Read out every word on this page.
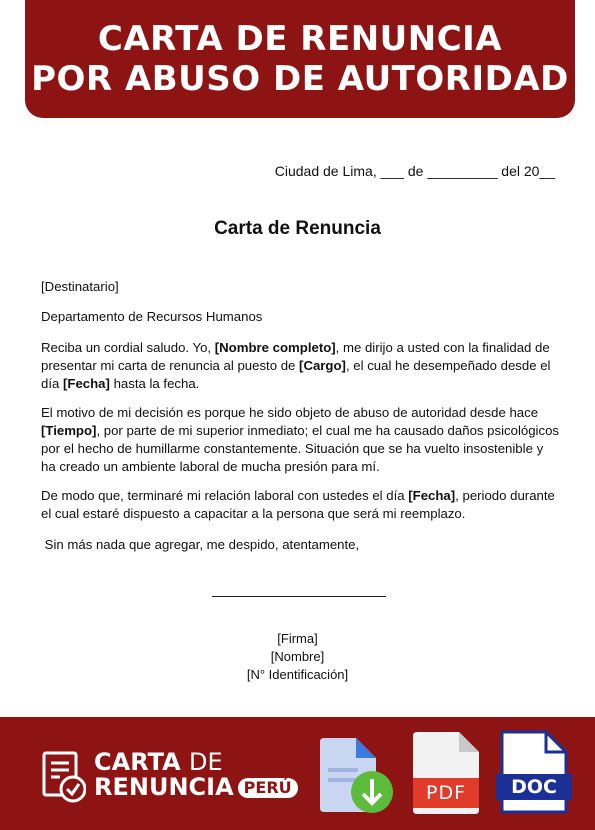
CARTA DE RENUNCIA
POR ABUSO DE AUTORIDAD
Ciudad de Lima, ___ de _________ del 20__
Carta de Renuncia
[Destinatario]
Departamento de Recursos Humanos
Reciba un cordial saludo. Yo, [Nombre completo], me dirijo a usted con la finalidad de presentar mi carta de renuncia al puesto de [Cargo], el cual he desempeñado desde el día [Fecha] hasta la fecha.
El motivo de mi decisión es porque he sido objeto de abuso de autoridad desde hace [Tiempo], por parte de mi superior inmediato; el cual me ha causado daños psicológicos por el hecho de humillarme constantemente. Situación que se ha vuelto insostenible y ha creado un ambiente laboral de mucha presión para mí.
De modo que, terminaré mi relación laboral con ustedes el día [Fecha], periodo durante el cual estaré dispuesto a capacitar a la persona que será mi reemplazo.
Sin más nada que agregar, me despido, atentamente,
[Firma]
[Nombre]
[N° Identificación]
CARTA DE
RENUNCIA PERÚ	PDF	DOC
